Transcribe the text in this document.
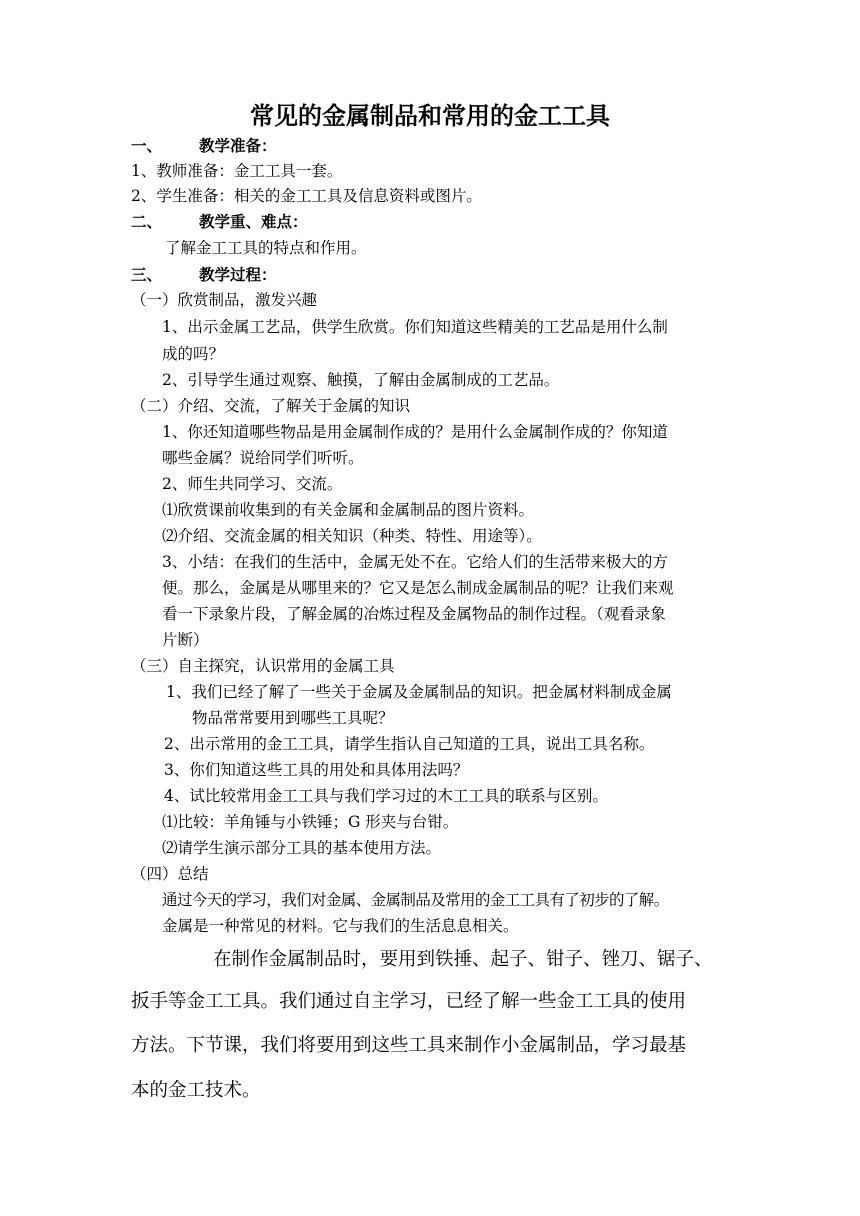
常见的金属制品和常用的金工工具
一、 教学准备：
1、教师准备：金工工具一套。
2、学生准备：相关的金工工具及信息资料或图片。
二、 教学重、难点：
了解金工工具的特点和作用。
三、 教学过程：
（一）欣赏制品，激发兴趣
1、出示金属工艺品，供学生欣赏。你们知道这些精美的工艺品是用什么制
成的吗？
2、引导学生通过观察、触摸，了解由金属制成的工艺品。
（二）介绍、交流，了解关于金属的知识
1、你还知道哪些物品是用金属制作成的？是用什么金属制作成的？你知道
哪些金属？说给同学们听听。
2、师生共同学习、交流。
⑴欣赏课前收集到的有关金属和金属制品的图片资料。
⑵介绍、交流金属的相关知识（种类、特性、用途等）。
3、小结：在我们的生活中，金属无处不在。它给人们的生活带来极大的方
便。那么，金属是从哪里来的？它又是怎么制成金属制品的呢？让我们来观
看一下录象片段，了解金属的冶炼过程及金属物品的制作过程。（观看录象
片断）
（三）自主探究，认识常用的金属工具
1、我们已经了解了一些关于金属及金属制品的知识。把金属材料制成金属
物品常常要用到哪些工具呢？
2、出示常用的金工工具，请学生指认自己知道的工具，说出工具名称。
3、你们知道这些工具的用处和具体用法吗？
4、试比较常用金工工具与我们学习过的木工工具的联系与区别。
⑴比较：羊角锤与小铁锤；G 形夹与台钳。
⑵请学生演示部分工具的基本使用方法。
（四）总结
通过今天的学习，我们对金属、金属制品及常用的金工工具有了初步的了解。
金属是一种常见的材料。它与我们的生活息息相关。
在制作金属制品时，要用到铁捶、起子、钳子、锉刀、锯子、
扳手等金工工具。我们通过自主学习，已经了解一些金工工具的使用
方法。下节课，我们将要用到这些工具来制作小金属制品，学习最基
本的金工技术。
